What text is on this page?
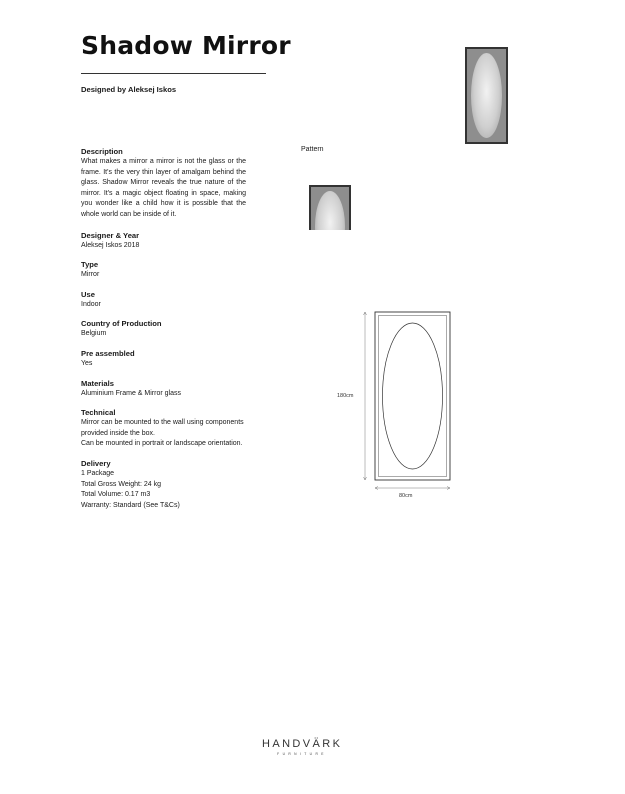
Shadow Mirror
Designed by Aleksej Iskos
Description
What makes a mirror a mirror is not the glass or the frame. It's the very thin layer of amalgam behind the glass. Shadow Mirror reveals the true nature of the mirror. It's a magic object floating in space, making you wonder like a child how it is possible that the whole world can be inside of it.
Designer & Year
Aleksej Iskos 2018
Type
Mirror
Use
Indoor
Country of Production
Belgium
Pre assembled
Yes
Materials
Aluminium Frame & Mirror glass
Technical
Mirror can be mounted to the wall using components provided inside the box.
Can be mounted in portrait or landscape orientation.
Delivery
1 Package
Total Gross Weight: 24 kg
Total Volume: 0.17 m3
Warranty: Standard (See T&Cs)
Pattern
180cm
80cm
HANDVÄRK
FURNITURE
